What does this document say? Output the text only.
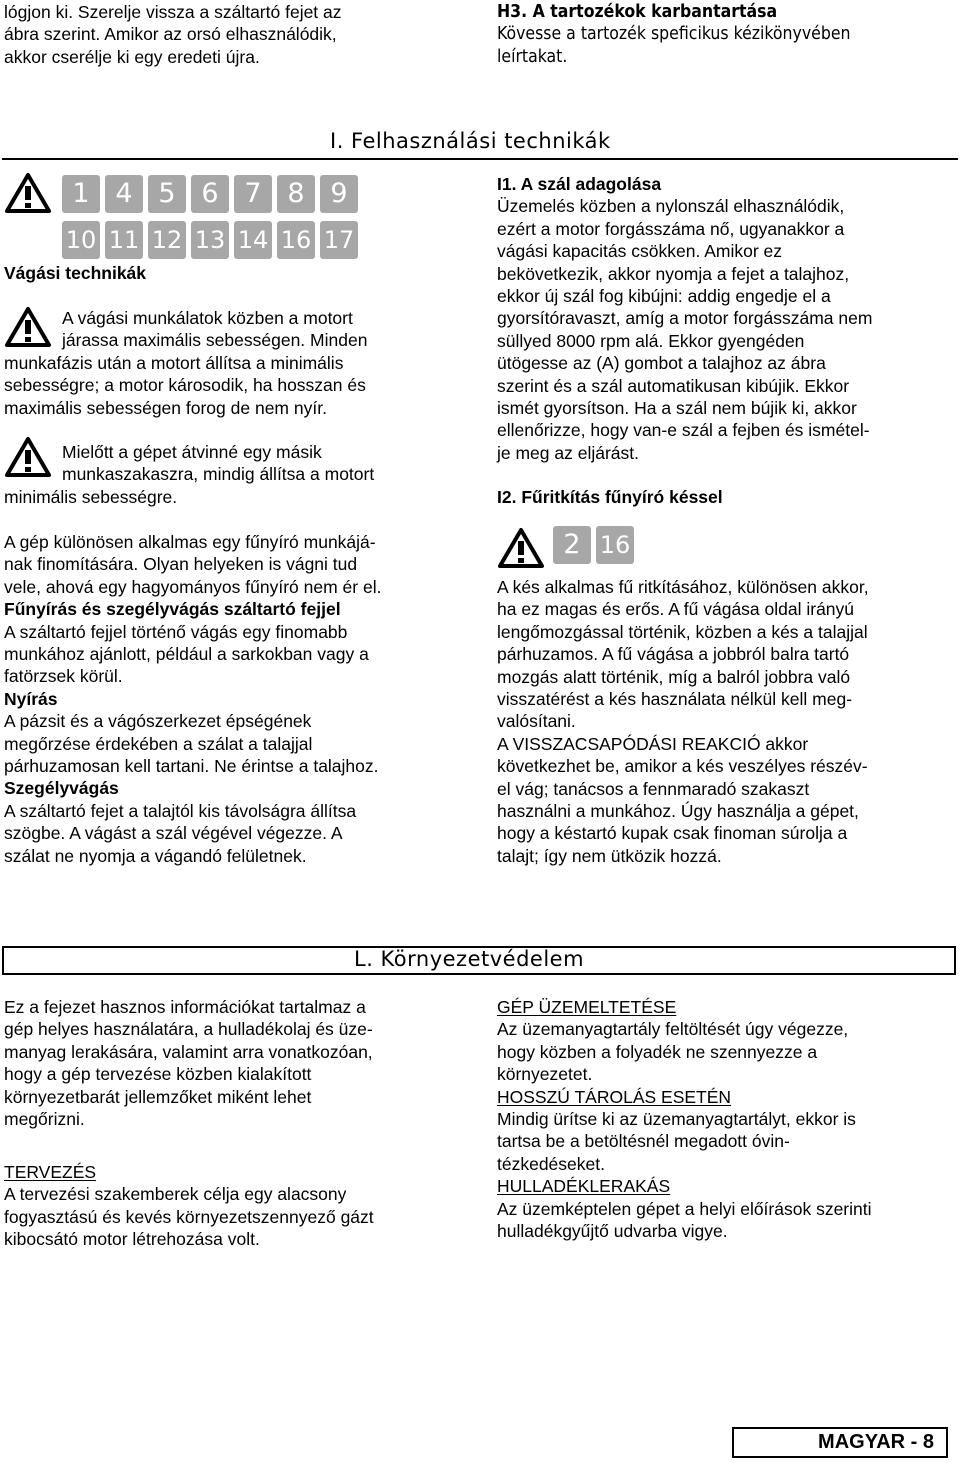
lógjon ki. Szerelje vissza a száltartó fejet az

ábra szerint. Amikor az orsó elhasználódik,

akkor cserélje ki egy eredeti újra.

H3. A tartozékok karbantartása

Kövesse a tartozék speficikus kézikönyvében

leírtakat.

I. Felhasználási technikák
1 4 5 6 7 8 9
10 11 12 13 14 16 17
Vágási technikák

A vágási munkálatok közben a motort

járassa maximális sebességen. Minden

munkafázis után a motort állítsa a minimális

sebességre; a motor károsodik, ha hosszan és

maximális sebességen forog de nem nyír.

Mielőtt a gépet átvinné egy másik

munkaszakaszra, mindig állítsa a motort

minimális sebességre.

A gép különösen alkalmas egy fűnyíró munkájá-

nak finomítására. Olyan helyeken is vágni tud

vele, ahová egy hagyományos fűnyíró nem ér el.

Fűnyírás és szegélyvágás száltartó fejjel

A száltartó fejjel történő vágás egy finomabb

munkához ajánlott, például a sarkokban vagy a

fatörzsek körül.

Nyírás

A pázsit és a vágószerkezet épségének

megőrzése érdekében a szálat a talajjal

párhuzamosan kell tartani. Ne érintse a talajhoz.

Szegélyvágás

A száltartó fejet a talajtól kis távolságra állítsa

szögbe. A vágást a szál végével végezze. A

szálat ne nyomja a vágandó felületnek.

I1. A szál adagolása

Üzemelés közben a nylonszál elhasználódik,

ezért a motor forgásszáma nő, ugyanakkor a

vágási kapacitás csökken. Amikor ez

bekövetkezik, akkor nyomja a fejet a talajhoz,

ekkor új szál fog kibújni: addig engedje el a

gyorsítóravaszt, amíg a motor forgásszáma nem

süllyed 8000 rpm alá. Ekkor gyengéden

ütögesse az (A) gombot a talajhoz az ábra

szerint és a szál automatikusan kibújik. Ekkor

ismét gyorsítson. Ha a szál nem bújik ki, akkor

ellenőrizze, hogy van-e szál a fejben és ismétel-

je meg az eljárást.

I2. Fűritkítás fűnyíró késsel
2 16

A kés alkalmas fű ritkításához, különösen akkor,

ha ez magas és erős. A fű vágása oldal irányú

lengőmozgással történik, közben a kés a talajjal

párhuzamos. A fű vágása a jobbról balra tartó

mozgás alatt történik, míg a balról jobbra való

visszatérést a kés használata nélkül kell meg-

valósítani.

A VISSZACSAPÓDÁSI REAKCIÓ akkor

következhet be, amikor a kés veszélyes részév-

el vág; tanácsos a fennmaradó szakaszt

használni a munkához. Úgy használja a gépet,

hogy a késtartó kupak csak finoman súrolja a

talajt; így nem ütközik hozzá.

L. Környezetvédelem

Ez a fejezet hasznos információkat tartalmaz a

gép helyes használatára, a hulladékolaj és üze-

manyag lerakására, valamint arra vonatkozóan,

hogy a gép tervezése közben kialakított

környezetbarát jellemzőket miként lehet

megőrizni.

TERVEZÉS

A tervezési szakemberek célja egy alacsony

fogyasztású és kevés környezetszennyező gázt

kibocsátó motor létrehozása volt.

GÉP ÜZEMELTETÉSE

Az üzemanyagtartály feltöltését úgy végezze,

hogy közben a folyadék ne szennyezze a

környezetet.

HOSSZÚ TÁROLÁS ESETÉN

Mindig ürítse ki az üzemanyagtartályt, ekkor is

tartsa be a betöltésnél megadott óvin-

tézkedéseket.

HULLADÉKLERAKÁS

Az üzemképtelen gépet a helyi előírások szerinti

hulladékgyűjtő udvarba vigye.

MAGYAR - 8
